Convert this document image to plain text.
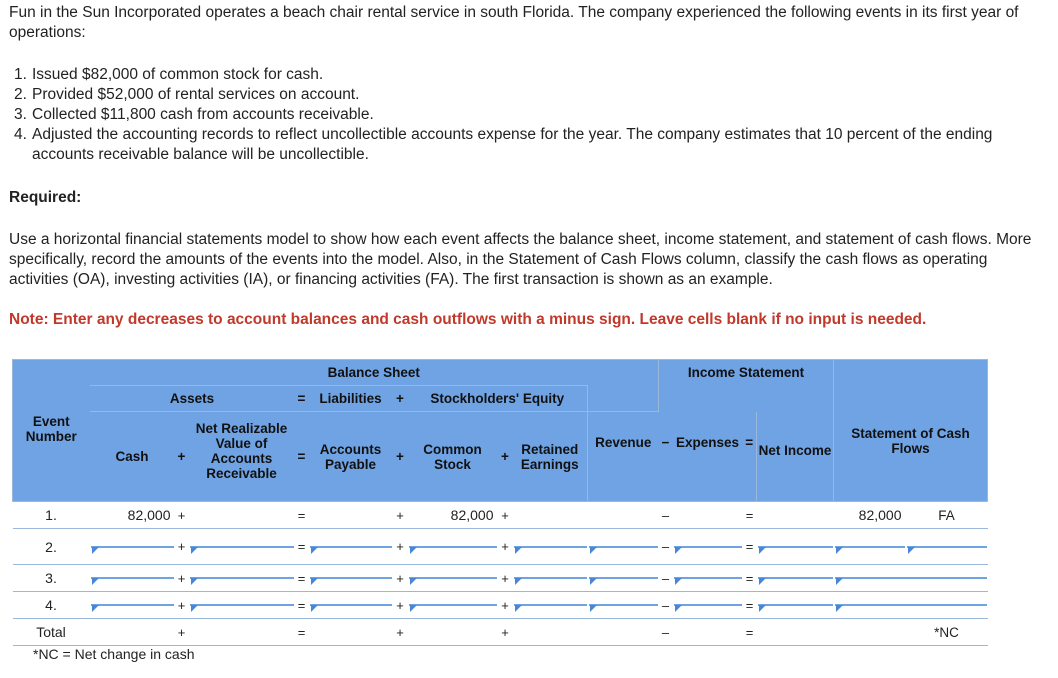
Fun in the Sun Incorporated operates a beach chair rental service in south Florida. The company experienced the following events in its first year of operations:
1. Issued $82,000 of common stock for cash.
2. Provided $52,000 of rental services on account.
3. Collected $11,800 cash from accounts receivable.
4. Adjusted the accounting records to reflect uncollectible accounts expense for the year. The company estimates that 10 percent of the ending accounts receivable balance will be uncollectible.
Required:
Use a horizontal financial statements model to show how each event affects the balance sheet, income statement, and statement of cash flows. More specifically, record the amounts of the events into the model. Also, in the Statement of Cash Flows column, classify the cash flows as operating activities (OA), investing activities (IA), or financing activities (FA). The first transaction is shown as an example.
Note: Enter any decreases to account balances and cash outflows with a minus sign. Leave cells blank if no input is needed.
	Balance Sheet										Income Statement					
	Assets			=	Liabilities	+	Stockholders' Equity									
Event Number	Cash	+	Net Realizable Value of Accounts Receivable	=	Accounts Payable	+	Common Stock	+	Retained Earnings	Revenue	−	Expenses	=	Net Income	Statement of Cash Flows	
1.	82,000	+		=		+	82,000	+			–		=		82,000	FA
2.		+		=		+		+			–		=	

3.		+		=		+		+			–		=		

4.		+		=		+		+			–		=		

Total		+		=		+		+			–		=			*NC
*NC = Net change in cash
